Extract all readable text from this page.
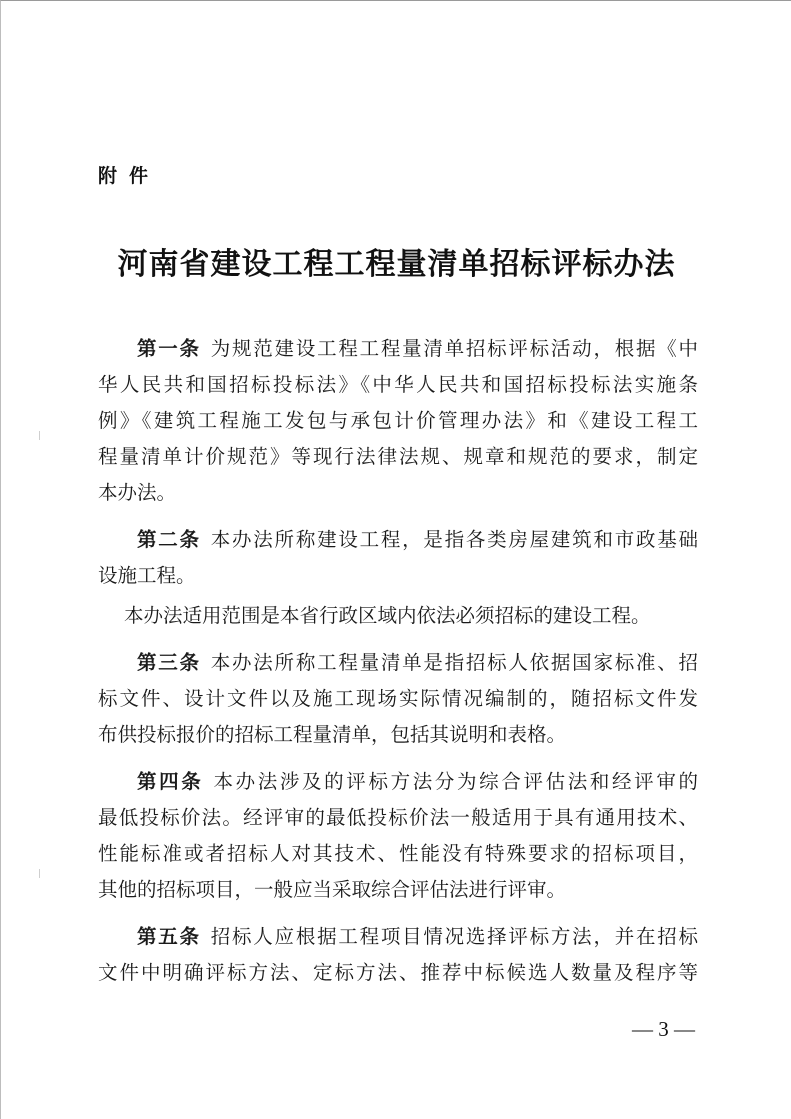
附件
河南省建设工程工程量清单招标评标办法
第一条 为规范建设工程工程量清单招标评标活动，根据《中
华人民共和国招标投标法》《中华人民共和国招标投标法实施条
例》《建筑工程施工发包与承包计价管理办法》和《建设工程工
程量清单计价规范》等现行法律法规、规章和规范的要求，制定
本办法。
第二条 本办法所称建设工程，是指各类房屋建筑和市政基础
设施工程。
本办法适用范围是本省行政区域内依法必须招标的建设工程。
第三条 本办法所称工程量清单是指招标人依据国家标准、招
标文件、设计文件以及施工现场实际情况编制的，随招标文件发
布供投标报价的招标工程量清单，包括其说明和表格。
第四条 本办法涉及的评标方法分为综合评估法和经评审的
最低投标价法。经评审的最低投标价法一般适用于具有通用技术、
性能标准或者招标人对其技术、性能没有特殊要求的招标项目，
其他的招标项目，一般应当采取综合评估法进行评审。
第五条 招标人应根据工程项目情况选择评标方法，并在招标
文件中明确评标方法、定标方法、推荐中标候选人数量及程序等
— 3 —
